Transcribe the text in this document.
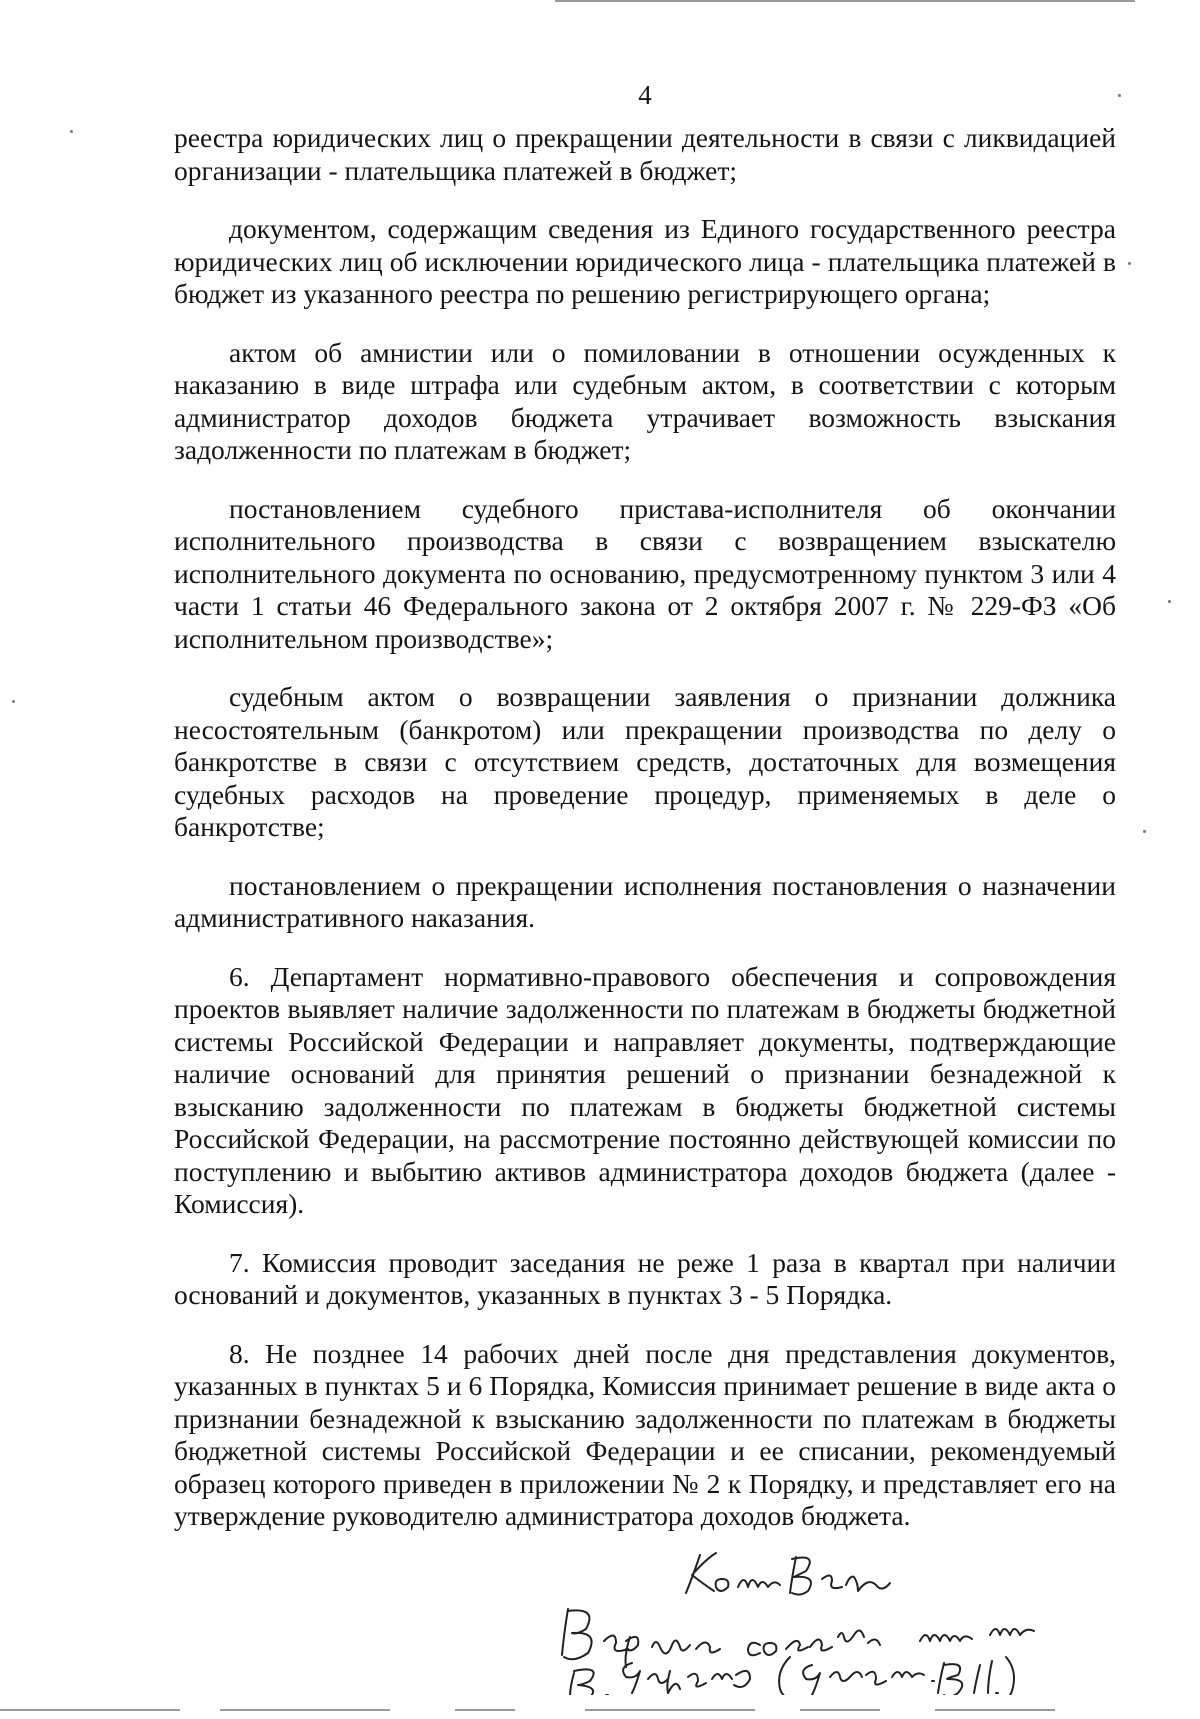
4

реестра юридических лиц о прекращении деятельности в связи с ликвидацией организации - плательщика платежей в бюджет;

документом, содержащим сведения из Единого государственного реестра юридических лиц об исключении юридического лица - плательщика платежей в бюджет из указанного реестра по решению регистрирующего органа;

актом об амнистии или о помиловании в отношении осужденных к наказанию в виде штрафа или судебным актом, в соответствии с которым администратор доходов бюджета утрачивает возможность взыскания задолженности по платежам в бюджет;

постановлением судебного пристава-исполнителя об окончании исполнительного производства в связи с возвращением взыскателю исполнительного документа по основанию, предусмотренному пунктом 3 или 4 части 1 статьи 46 Федерального закона от 2 октября 2007 г. № 229-ФЗ «Об исполнительном производстве»;

судебным актом о возвращении заявления о признании должника несостоятельным (банкротом) или прекращении производства по делу о банкротстве в связи с отсутствием средств, достаточных для возмещения судебных расходов на проведение процедур, применяемых в деле о банкротстве;

постановлением о прекращении исполнения постановления о назначении административного наказания.

6. Департамент нормативно-правового обеспечения и сопровождения проектов выявляет наличие задолженности по платежам в бюджеты бюджетной системы Российской Федерации и направляет документы, подтверждающие наличие оснований для принятия решений о признании безнадежной к взысканию задолженности по платежам в бюджеты бюджетной системы Российской Федерации, на рассмотрение постоянно действующей комиссии по поступлению и выбытию активов администратора доходов бюджета (далее - Комиссия).

7. Комиссия проводит заседания не реже 1 раза в квартал при наличии оснований и документов, указанных в пунктах 3 - 5 Порядка.

8. Не позднее 14 рабочих дней после дня представления документов, указанных в пунктах 5 и 6 Порядка, Комиссия принимает решение в виде акта о признании безнадежной к взысканию задолженности по платежам в бюджеты бюджетной системы Российской Федерации и ее списании, рекомендуемый образец которого приведен в приложении № 2 к Порядку, и представляет его на утверждение руководителю администратора доходов бюджета.
